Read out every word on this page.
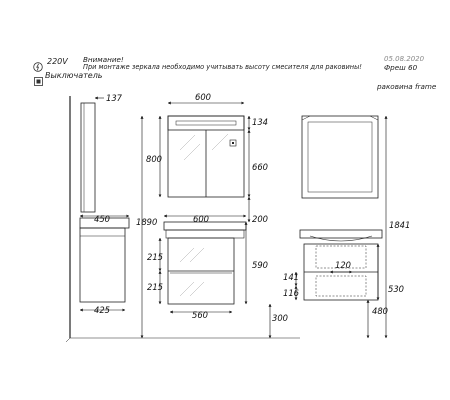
220V
Выключатель
Внимание!
При монтаже зеркала необходимо учитывать высоту смесителя для раковины!
05.08.2020
Фреш 60
раковина frame
137	600
134
800
660
200
1890	1841
450	600
590
215
215
425	560	300
141
120
116	530
480
